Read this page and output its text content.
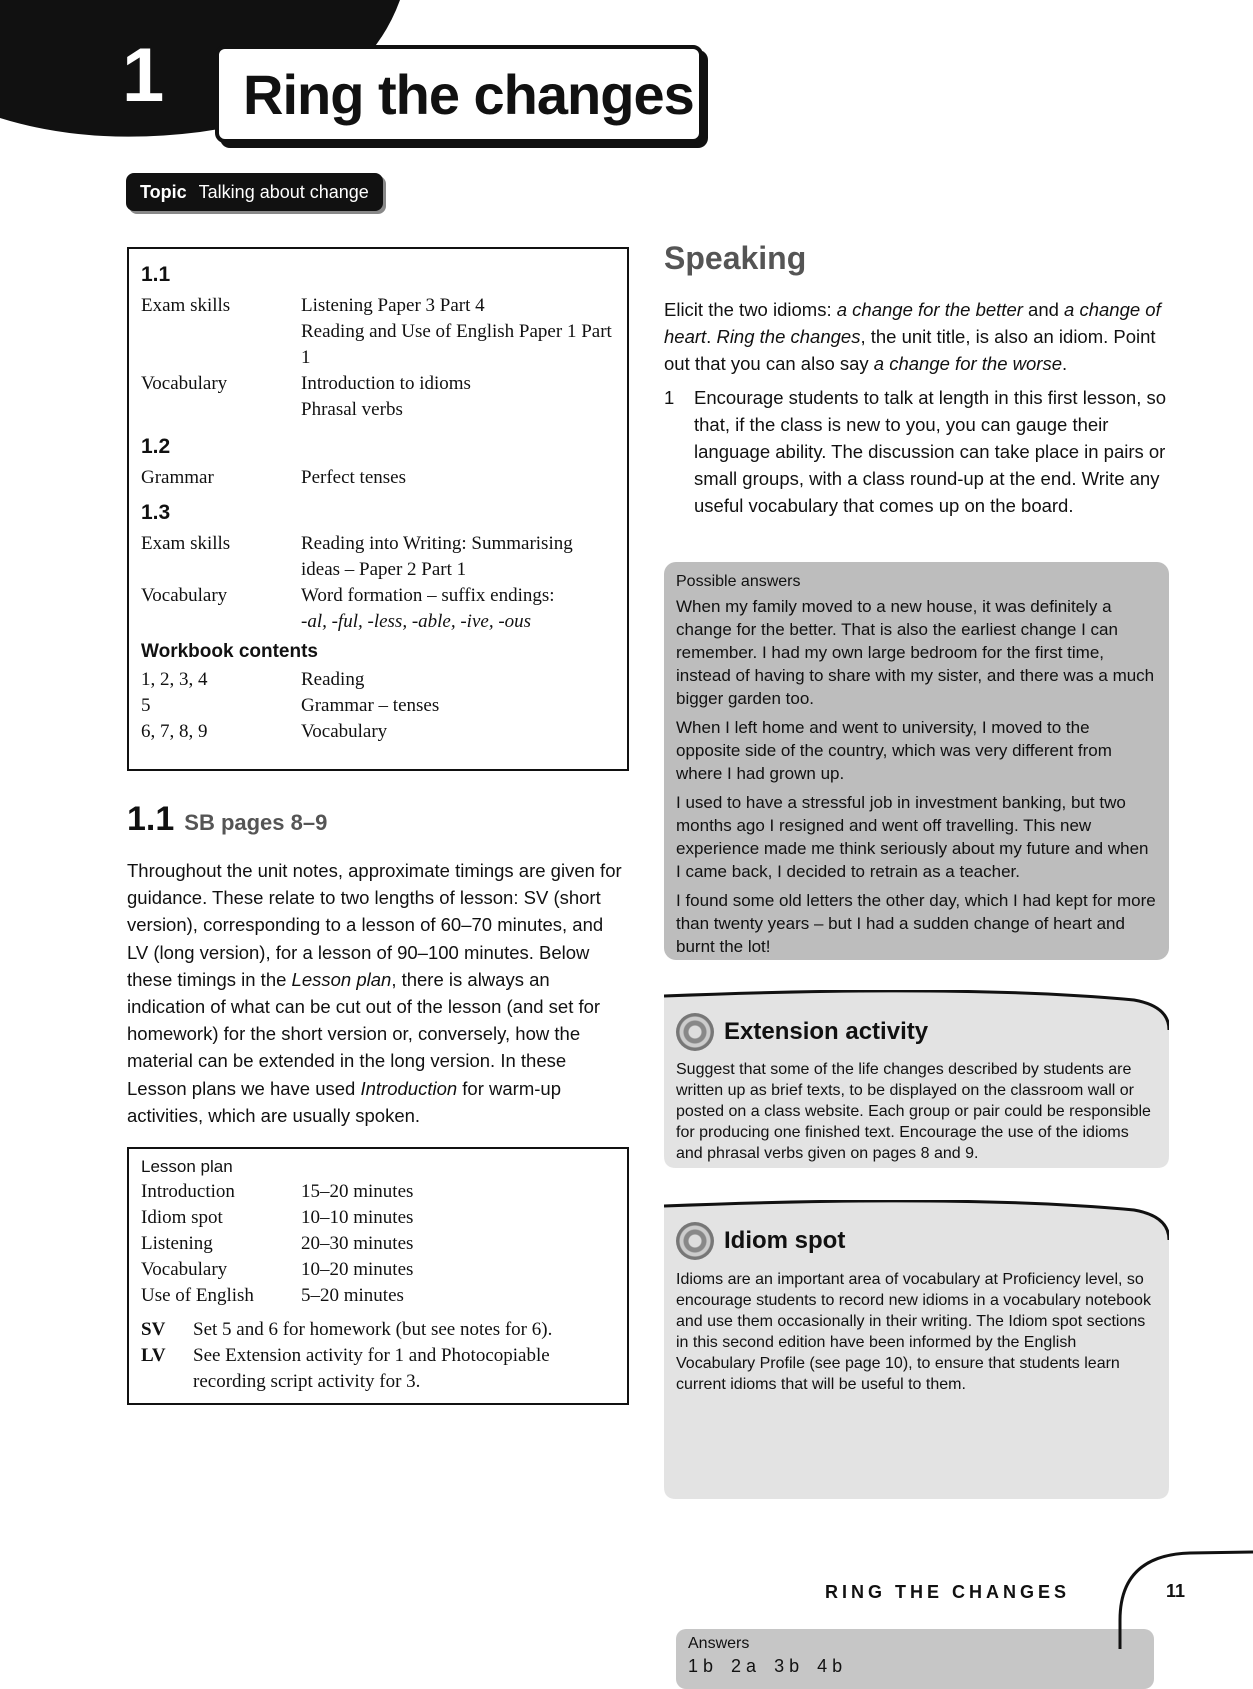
1 Ring the changes
Topic Talking about change
1.1
Exam skills	Listening Paper 3 Part 4
Reading and Use of English Paper 1 Part 1
Vocabulary	Introduction to idioms
Phrasal verbs
1.2
Grammar	Perfect tenses
1.3
Exam skills	Reading into Writing: Summarising ideas – Paper 2 Part 1
Vocabulary	Word formation – suffix endings:
-al, -ful, -less, -able, -ive, -ous
Workbook contents
1, 2, 3, 4	Reading
5	Grammar – tenses
6, 7, 8, 9	Vocabulary
1.1 SB pages 8–9

Throughout the unit notes, approximate timings are given for guidance. These relate to two lengths of lesson: SV (short version), corresponding to a lesson of 60–70 minutes, and LV (long version), for a lesson of 90–100 minutes. Below these timings in the Lesson plan, there is always an indication of what can be cut out of the lesson (and set for homework) for the short version or, conversely, how the material can be extended in the long version. In these Lesson plans we have used Introduction for warm-up activities, which are usually spoken.

Lesson plan
Introduction	15–20 minutes
Idiom spot	10–10 minutes
Listening	20–30 minutes
Vocabulary	10–20 minutes
Use of English	5–20 minutes
SV	Set 5 and 6 for homework (but see notes for 6).
LV	See Extension activity for 1 and Photocopiable recording script activity for 3.
Speaking

Elicit the two idioms: a change for the better and a change of heart. Ring the changes, the unit title, is also an idiom. Point out that you can also say a change for the worse.

1	Encourage students to talk at length in this first lesson, so that, if the class is new to you, you can gauge their language ability. The discussion can take place in pairs or small groups, with a class round-up at the end. Write any useful vocabulary that comes up on the board.
Possible answers

When my family moved to a new house, it was definitely a change for the better. That is also the earliest change I can remember. I had my own large bedroom for the first time, instead of having to share with my sister, and there was a much bigger garden too.

When I left home and went to university, I moved to the opposite side of the country, which was very different from where I had grown up.

I used to have a stressful job in investment banking, but two months ago I resigned and went off travelling. This new experience made me think seriously about my future and when I came back, I decided to retrain as a teacher.

I found some old letters the other day, which I had kept for more than twenty years – but I had a sudden change of heart and burnt the lot!

Extension activity
Suggest that some of the life changes described by students are written up as brief texts, to be displayed on the classroom wall or posted on a class website. Each group or pair could be responsible for producing one finished text. Encourage the use of the idioms and phrasal verbs given on pages 8 and 9.
Idiom spot
Idioms are an important area of vocabulary at Proficiency level, so encourage students to record new idioms in a vocabulary notebook and use them occasionally in their writing. The Idiom spot sections in this second edition have been informed by the English Vocabulary Profile (see page 10), to ensure that students learn current idioms that will be useful to them.
Answers
1 b 2 a 3 b 4 b
RING THE CHANGES	11
